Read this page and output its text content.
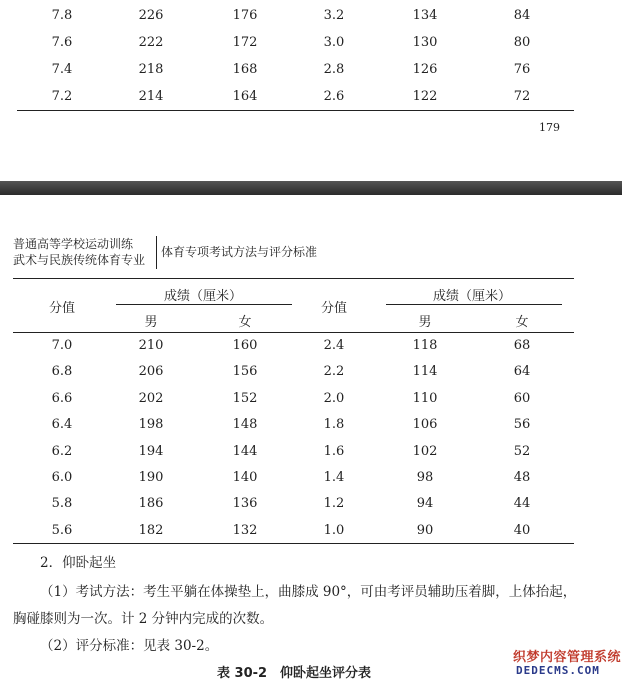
7.8	226	176	3.2	134	84
7.6	222	172	3.0	130	80
7.4	218	168	2.8	126	76
7.2	214	164	2.6	122	72
179
普通高等学校运动训练
武术与民族传统体育专业
体育专项考试方法与评分标准
分值
成绩（厘米）
男	女
分值
成绩（厘米）
男	女
7.0	210	160	2.4	118	68
6.8	206	156	2.2	114	64
6.6	202	152	2.0	110	60
6.4	198	148	1.8	106	56
6.2	194	144	1.6	102	52
6.0	190	140	1.4	98	48
5.8	186	136	1.2	94	44
5.6	182	132	1.0	90	40
2．仰卧起坐
（1）考试方法：考生平躺在体操垫上，曲膝成 90°，可由考评员辅助压着脚，上体抬起，
胸碰膝则为一次。计 2 分钟内完成的次数。
（2）评分标准：见表 30-2。
表 30-2　仰卧起坐评分表
织梦内容管理系统
DEDECMS.COM
